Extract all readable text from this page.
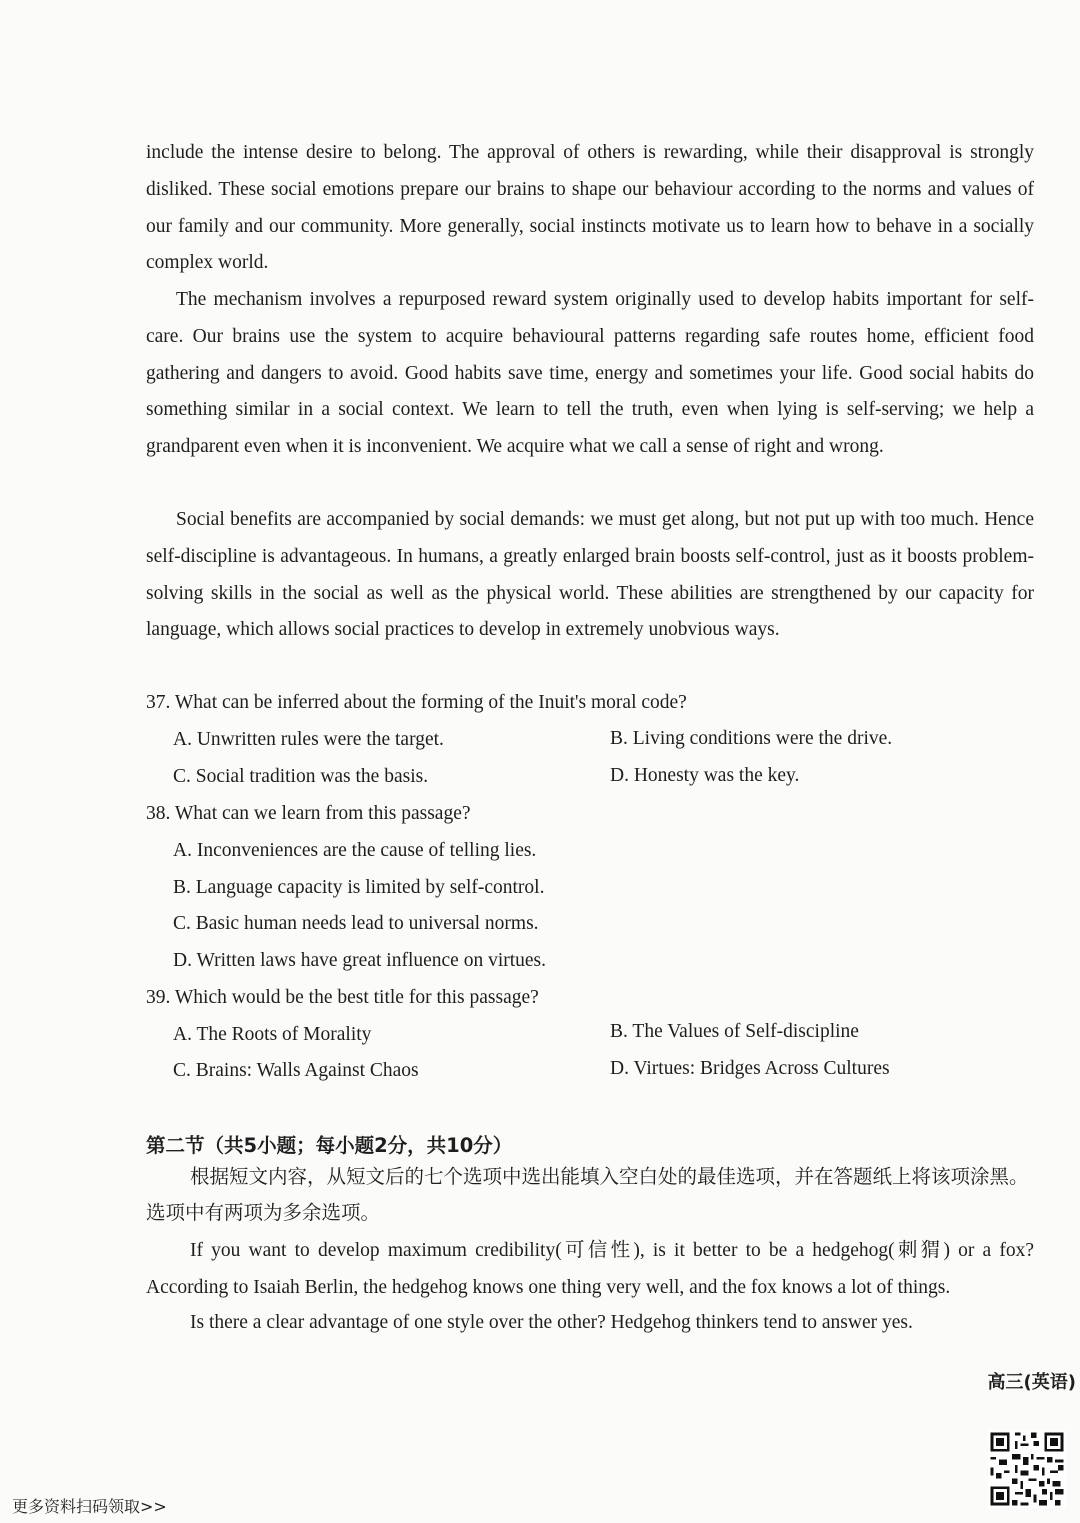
include the intense desire to belong. The approval of others is rewarding, while their disapproval is strongly disliked. These social emotions prepare our brains to shape our behaviour according to the norms and values of our family and our community. More generally, social instincts motivate us to learn how to behave in a socially complex world.

The mechanism involves a repurposed reward system originally used to develop habits important for self-care. Our brains use the system to acquire behavioural patterns regarding safe routes home, efficient food gathering and dangers to avoid. Good habits save time, energy and sometimes your life. Good social habits do something similar in a social context. We learn to tell the truth, even when lying is self-serving; we help a grandparent even when it is inconvenient. We acquire what we call a sense of right and wrong.

Social benefits are accompanied by social demands: we must get along, but not put up with too much. Hence self-discipline is advantageous. In humans, a greatly enlarged brain boosts self-control, just as it boosts problem-solving skills in the social as well as the physical world. These abilities are strengthened by our capacity for language, which allows social practices to develop in extremely unobvious ways.

37. What can be inferred about the forming of the Inuit's moral code?
A. Unwritten rules were the target.	B. Living conditions were the drive.
C. Social tradition was the basis.	D. Honesty was the key.
38. What can we learn from this passage?
A. Inconveniences are the cause of telling lies.
B. Language capacity is limited by self-control.
C. Basic human needs lead to universal norms.
D. Written laws have great influence on virtues.
39. Which would be the best title for this passage?
A. The Roots of Morality	B. The Values of Self-discipline
C. Brains: Walls Against Chaos	D. Virtues: Bridges Across Cultures
第二节（共5小题；每小题2分，共10分）

根据短文内容，从短文后的七个选项中选出能填入空白处的最佳选项，并在答题纸上将该项涂黑。选项中有两项为多余选项。

If you want to develop maximum credibility(可信性), is it better to be a hedgehog(刺猬) or a fox? According to Isaiah Berlin, the hedgehog knows one thing very well, and the fox knows a lot of things.

Is there a clear advantage of one style over the other? Hedgehog thinkers tend to answer yes.

高三(英语)
更多资料扫码领取>>
